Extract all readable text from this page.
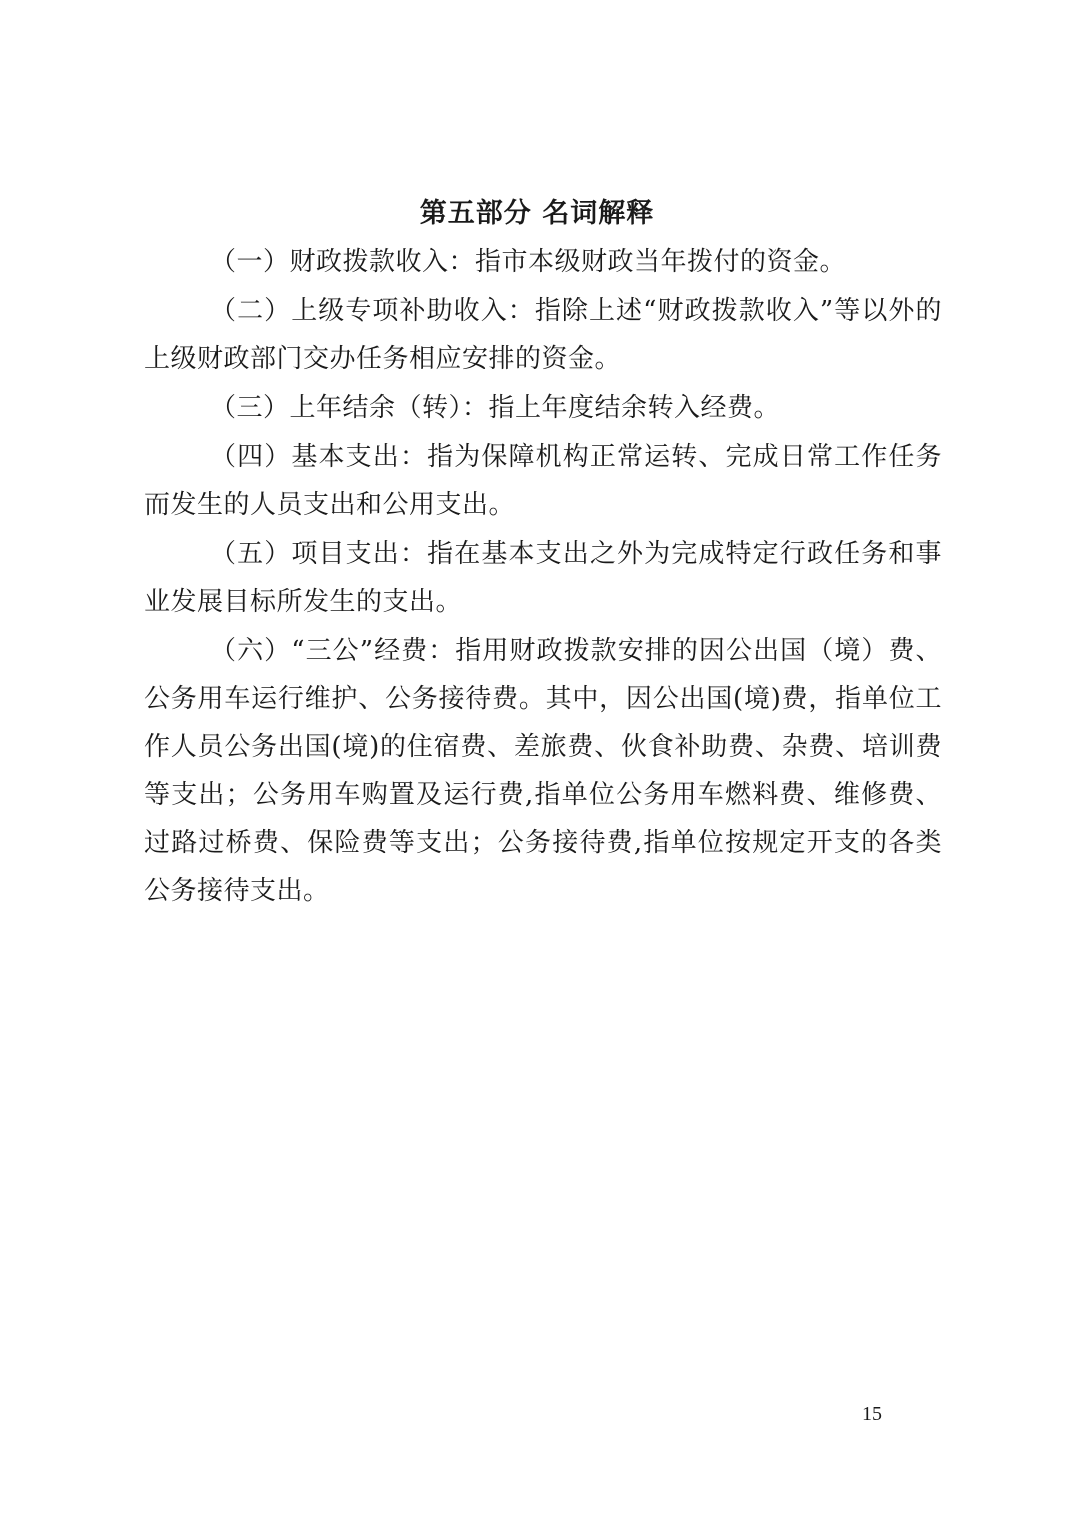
第五部分 名词解释

（一）财政拨款收入：指市本级财政当年拨付的资金。

（二）上级专项补助收入：指除上述“财政拨款收入”等以外的上级财政部门交办任务相应安排的资金。

（三）上年结余（转）：指上年度结余转入经费。

（四）基本支出：指为保障机构正常运转、完成日常工作任务而发生的人员支出和公用支出。

（五）项目支出：指在基本支出之外为完成特定行政任务和事业发展目标所发生的支出。

（六）“三公”经费：指用财政拨款安排的因公出国（境）费、公务用车运行维护、公务接待费。其中，因公出国(境)费，指单位工作人员公务出国(境)的住宿费、差旅费、伙食补助费、杂费、培训费等支出；公务用车购置及运行费,指单位公务用车燃料费、维修费、过路过桥费、保险费等支出；公务接待费,指单位按规定开支的各类公务接待支出。

15
